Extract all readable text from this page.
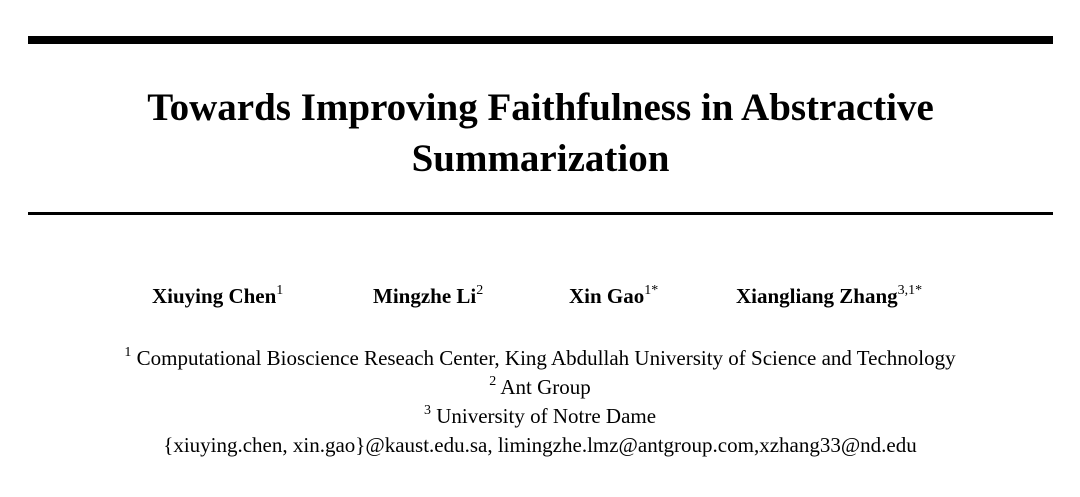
Towards Improving Faithfulness in Abstractive
Summarization
Xiuying Chen$^1$	Mingzhe Li$^2$	Xin Gao$^{1*}$	Xiangliang Zhang$^{3,1*}$
$^1$ Computational Bioscience Reseach Center, King Abdullah University of Science and Technology
$^2$ Ant Group
$^3$ University of Notre Dame
{xiuying.chen, xin.gao}@kaust.edu.sa, limingzhe.lmz@antgroup.com,xzhang33@nd.edu
